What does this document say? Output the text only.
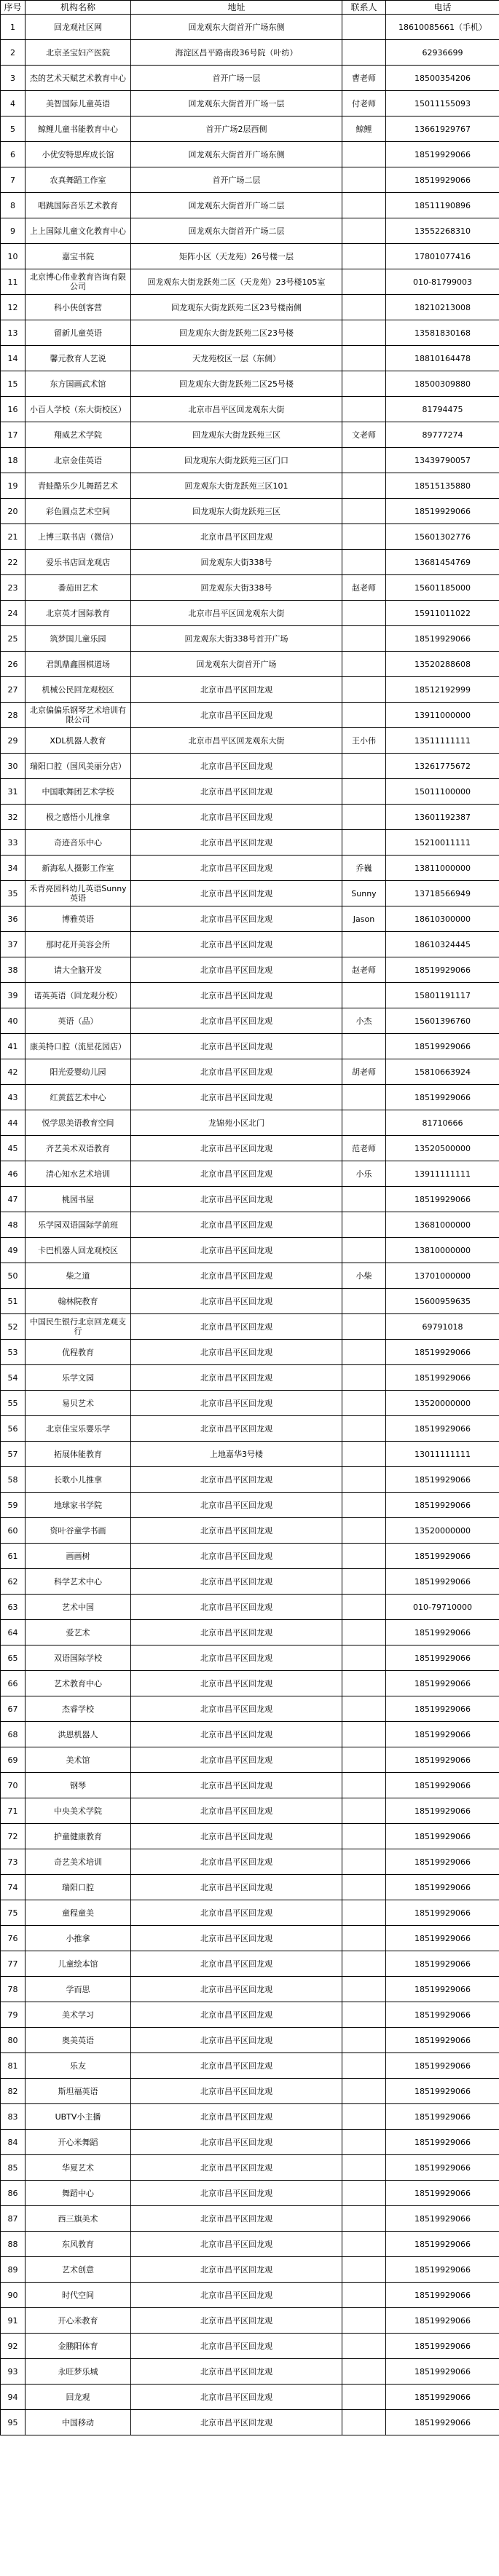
序号	机构名称	地址	联系人	电话
1	回龙观社区网	回龙观东大街首开广场东侧		18610085661（手机）
2	北京圣宝妇产医院	海淀区昌平路南段36号院（叶纺）		62936699
3	杰的艺术天赋艺术教育中心	首开广场一层	曹老师	18500354206
4	美智国际儿童英语	回龙观东大街首开广场一层	付老师	15011155093
5	鲸鲤儿童书能教育中心	首开广场2层西侧	鲸鲤	13661929767
6	小优安特思库成长馆	回龙观东大街首开广场东侧		18519929066
7	农真舞蹈工作室	首开广场二层		18519929066
8	唱跳国际音乐艺术教育	回龙观东大街首开广场二层		18511190896
9	上上国际儿童文化教育中心	回龙观东大街首开广场二层		13552268310
10	嘉宝书院	矩阵小区（天龙苑）26号楼一层		17801077416
11	北京博心伟业教育咨询有限公司	回龙观东大街龙跃苑二区（天龙苑）23号楼105室		010-81799003
12	科小侠创客营	回龙观东大街龙跃苑二区23号楼南侧		18210213008
13	留新儿童英语	回龙观东大街龙跃苑二区23号楼		13581830168
14	馨元教育人艺说	天龙苑校区一层（东侧）		18810164478
15	东方国画武术馆	回龙观东大街龙跃苑二区25号楼		18500309880
16	小百人学校（东大街校区）	北京市昌平区回龙观东大街		81794475
17	翔威艺术学院	回龙观东大街龙跃苑三区	文老师	89777274
18	北京金佳英语	回龙观东大街龙跃苑三区门口		13439790057
19	青蛙酷乐少儿舞蹈艺术	回龙观东大街龙跃苑三区101		18515135880
20	彩色圆点艺术空间	回龙观东大街龙跃苑三区		18519929066
21	上博三联书店（微信）	北京市昌平区回龙观		15601302776
22	爱乐书店回龙观店	回龙观东大街338号		13681454769
23	番茄田艺术	回龙观东大街338号	赵老师	15601185000
24	北京英才国际教育	北京市昌平区回龙观东大街		15911011022
25	筑梦国儿童乐园	回龙观东大街338号首开广场		18519929066
26	君凯鼎鑫围棋道场	回龙观东大街首开广场		13520288608
27	机械公民回龙观校区	北京市昌平区回龙观		18512192999
28	北京偏偏乐钢琴艺术培训有限公司	北京市昌平区回龙观		13911000000
29	XDL机器人教育	北京市昌平区回龙观东大街	王小伟	13511111111
30	瑞阳口腔（国风美丽分店）	北京市昌平区回龙观		13261775672
31	中国歌舞团艺术学校	北京市昌平区回龙观		15011100000
32	极之感悟小儿推拿	北京市昌平区回龙观		13601192387
33	奇迹音乐中心	北京市昌平区回龙观		15210011111
34	新海私人摄影工作室	北京市昌平区回龙观	乔巍	13811000000
35	禾青亮园科幼儿英语Sunny英语	北京市昌平区回龙观	Sunny	13718566949
36	博雅英语	北京市昌平区回龙观	Jason	18610300000
37	那时花开美容会所	北京市昌平区回龙观		18610324445
38	请大全脑开发	北京市昌平区回龙观	赵老师	18519929066
39	诺英英语（回龙观分校）	北京市昌平区回龙观		15801191117
40	英语（品）	北京市昌平区回龙观	小杰	15601396760
41	康美特口腔（流星花园店）	北京市昌平区回龙观		18519929066
42	阳光爱婴幼儿园	北京市昌平区回龙观	胡老师	15810663924
43	红黄蓝艺术中心	北京市昌平区回龙观		18519929066
44	悦学思美语教育空间	龙锦苑小区北门		81710666
45	齐艺美术双语教育	北京市昌平区回龙观	范老师	13520500000
46	清心知水艺术培训	北京市昌平区回龙观	小乐	13911111111
47	桃园书屋	北京市昌平区回龙观		18519929066
48	乐学园双语国际学前班	北京市昌平区回龙观		13681000000
49	卡巴机器人回龙观校区	北京市昌平区回龙观		13810000000
50	柴之道	北京市昌平区回龙观	小柴	13701000000
51	翰林院教育	北京市昌平区回龙观		15600959635
52	中国民生银行北京回龙观支行	北京市昌平区回龙观		69791018
53	优程教育	北京市昌平区回龙观		18519929066
54	乐学文园	北京市昌平区回龙观		18519929066
55	易贝艺术	北京市昌平区回龙观		13520000000
56	北京佳宝乐婴乐学	北京市昌平区回龙观		18519929066
57	拓展体能教育	上地嘉华3号楼		13011111111
58	长歌小儿推拿	北京市昌平区回龙观		18519929066
59	地球家书学院	北京市昌平区回龙观		18519929066
60	资叶谷童学书画	北京市昌平区回龙观		13520000000
61	画画树	北京市昌平区回龙观		18519929066
62	科学艺术中心	北京市昌平区回龙观		18519929066
63	艺术中国	北京市昌平区回龙观		010-79710000
64	爱艺术	北京市昌平区回龙观		18519929066
65	双语国际学校	北京市昌平区回龙观		18519929066
66	艺术教育中心	北京市昌平区回龙观		18519929066
67	杰睿学校	北京市昌平区回龙观		18519929066
68	洪恩机器人	北京市昌平区回龙观		18519929066
69	美术馆	北京市昌平区回龙观		18519929066
70	钢琴	北京市昌平区回龙观		18519929066
71	中央美术学院	北京市昌平区回龙观		18519929066
72	护童健康教育	北京市昌平区回龙观		18519929066
73	奇艺美术培训	北京市昌平区回龙观		18519929066
74	瑞阳口腔	北京市昌平区回龙观		18519929066
75	童程童美	北京市昌平区回龙观		18519929066
76	小推拿	北京市昌平区回龙观		18519929066
77	儿童绘本馆	北京市昌平区回龙观		18519929066
78	学而思	北京市昌平区回龙观		18519929066
79	美术学习	北京市昌平区回龙观		18519929066
80	奥美英语	北京市昌平区回龙观		18519929066
81	乐友	北京市昌平区回龙观		18519929066
82	斯坦福英语	北京市昌平区回龙观		18519929066
83	UBTV小主播	北京市昌平区回龙观		18519929066
84	开心米舞蹈	北京市昌平区回龙观		18519929066
85	华夏艺术	北京市昌平区回龙观		18519929066
86	舞蹈中心	北京市昌平区回龙观		18519929066
87	西三旗美术	北京市昌平区回龙观		18519929066
88	东风教育	北京市昌平区回龙观		18519929066
89	艺术创意	北京市昌平区回龙观		18519929066
90	时代空间	北京市昌平区回龙观		18519929066
91	开心米教育	北京市昌平区回龙观		18519929066
92	金鹏阳体育	北京市昌平区回龙观		18519929066
93	永旺梦乐城	北京市昌平区回龙观		18519929066
94	回龙观	北京市昌平区回龙观		18519929066
95	中国移动	北京市昌平区回龙观		18519929066
